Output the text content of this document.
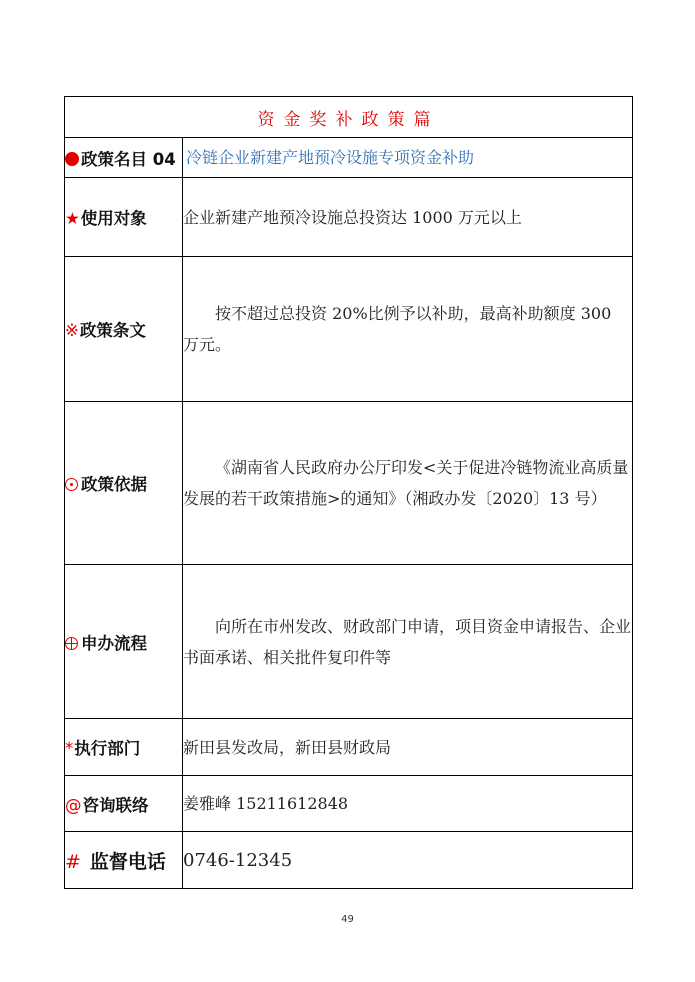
资金奖补政策篇	
政策名目 04	冷链企业新建产地预冷设施专项资金补助
★使用对象	企业新建产地预冷设施总投资达 1000 万元以上
※政策条文	按不超过总投资 20%比例予以补助，最高补助额度 300 万元。
政策依据	《湖南省人民政府办公厅印发<关于促进冷链物流业高质量发展的若干政策措施>的通知》（湘政办发〔2020〕13 号）
申办流程	向所在市州发改、财政部门申请，项目资金申请报告、企业书面承诺、相关批件复印件等
*执行部门	新田县发改局，新田县财政局
@咨询联络	姜雅峰 15211612848
# 监督电话	0746-12345
49
